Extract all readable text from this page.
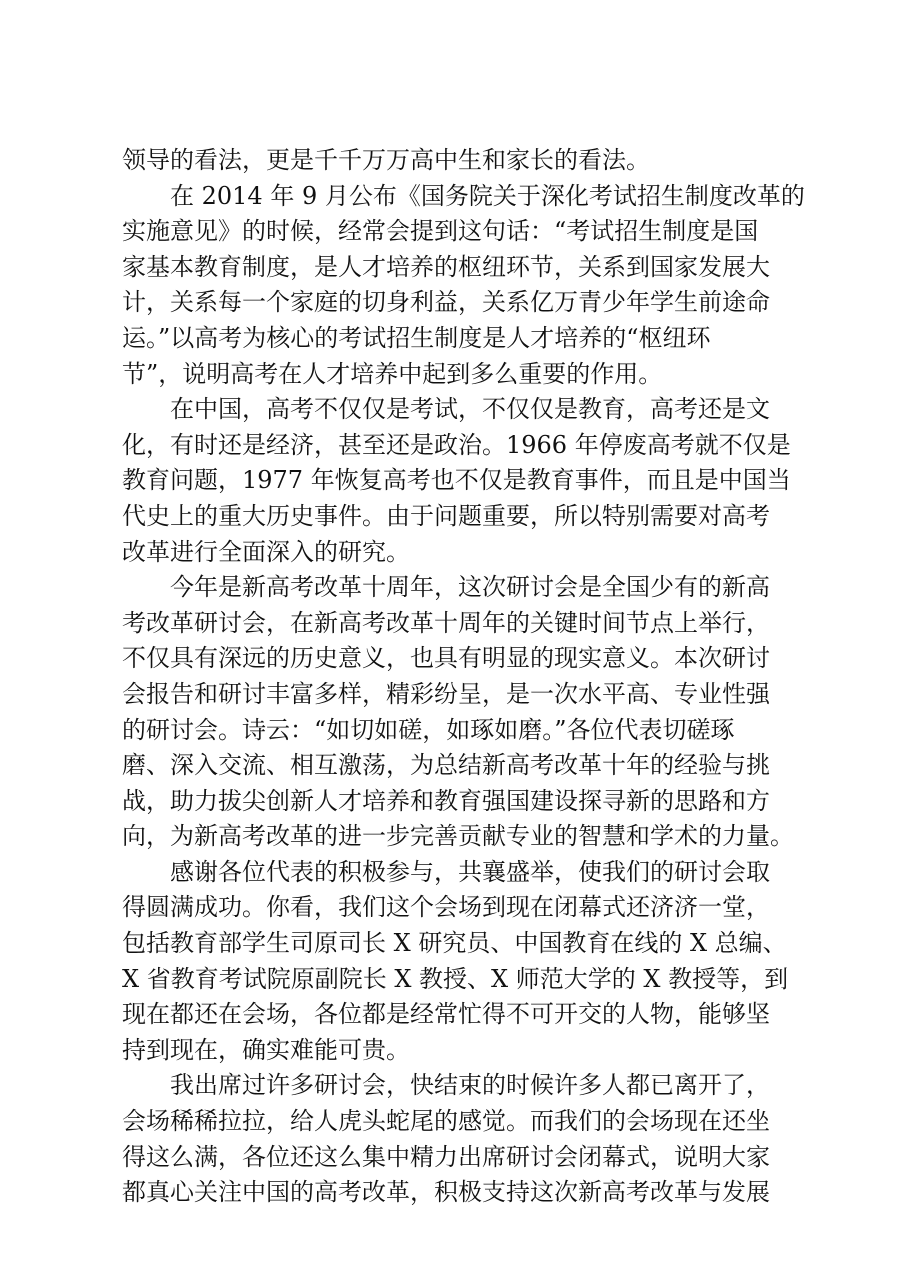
领导的看法，更是千千万万高中生和家长的看法。

在 2014 年 9 月公布《国务院关于深化考试招生制度改革的
实施意见》的时候，经常会提到这句话：“考试招生制度是国
家基本教育制度，是人才培养的枢纽环节，关系到国家发展大
计，关系每一个家庭的切身利益，关系亿万青少年学生前途命
运。”以高考为核心的考试招生制度是人才培养的“枢纽环
节”，说明高考在人才培养中起到多么重要的作用。

在中国，高考不仅仅是考试，不仅仅是教育，高考还是文
化，有时还是经济，甚至还是政治。1966 年停废高考就不仅是
教育问题，1977 年恢复高考也不仅是教育事件，而且是中国当
代史上的重大历史事件。由于问题重要，所以特别需要对高考
改革进行全面深入的研究。

今年是新高考改革十周年，这次研讨会是全国少有的新高
考改革研讨会，在新高考改革十周年的关键时间节点上举行，
不仅具有深远的历史意义，也具有明显的现实意义。本次研讨
会报告和研讨丰富多样，精彩纷呈，是一次水平高、专业性强
的研讨会。诗云：“如切如磋，如琢如磨。”各位代表切磋琢
磨、深入交流、相互激荡，为总结新高考改革十年的经验与挑
战，助力拔尖创新人才培养和教育强国建设探寻新的思路和方
向，为新高考改革的进一步完善贡献专业的智慧和学术的力量。

感谢各位代表的积极参与，共襄盛举，使我们的研讨会取
得圆满成功。你看，我们这个会场到现在闭幕式还济济一堂，
包括教育部学生司原司长 X 研究员、中国教育在线的 X 总编、
X 省教育考试院原副院长 X 教授、X 师范大学的 X 教授等，到
现在都还在会场，各位都是经常忙得不可开交的人物，能够坚
持到现在，确实难能可贵。

我出席过许多研讨会，快结束的时候许多人都已离开了，
会场稀稀拉拉，给人虎头蛇尾的感觉。而我们的会场现在还坐
得这么满，各位还这么集中精力出席研讨会闭幕式，说明大家
都真心关注中国的高考改革，积极支持这次新高考改革与发展
